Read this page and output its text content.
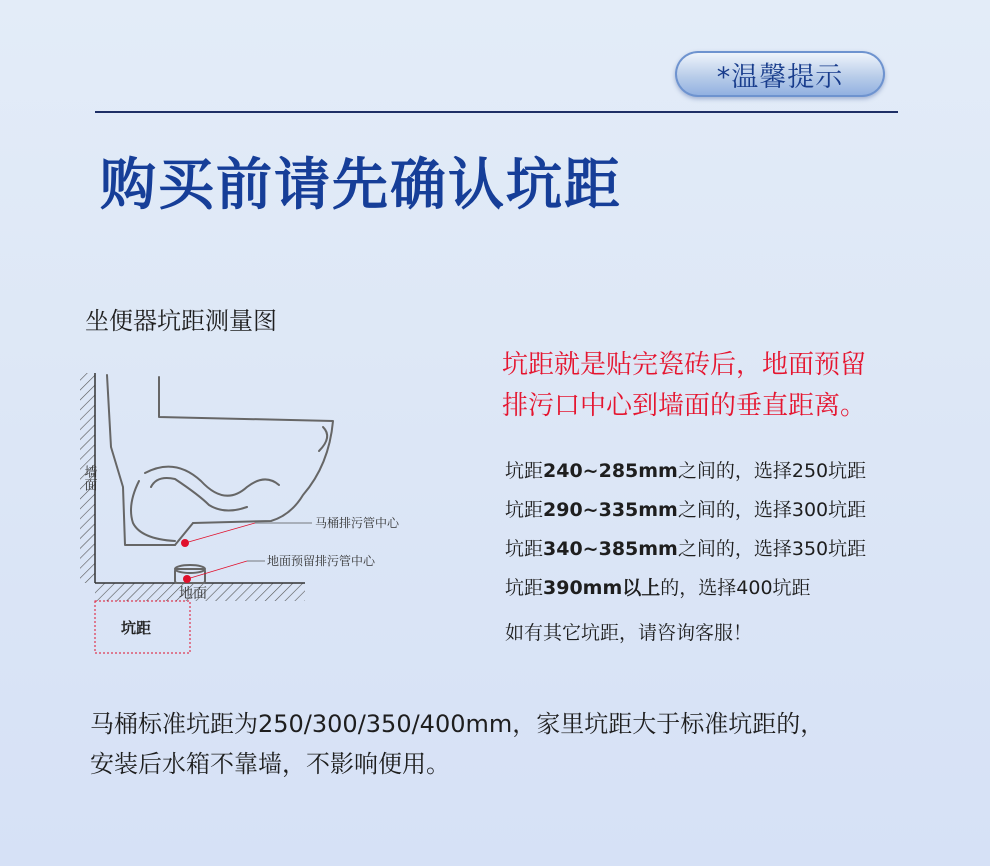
*温馨提示
购买前请先确认坑距
坐便器坑距测量图
墙面
马桶排污管中心
地面预留排污管中心
地面
坑距

坑距就是贴完瓷砖后，地面预留
排污口中心到墙面的垂直距离。

坑距240~285mm之间的，选择250坑距
坑距290~335mm之间的，选择300坑距
坑距340~385mm之间的，选择350坑距
坑距390mm以上的，选择400坑距
如有其它坑距，请咨询客服！

马桶标准坑距为250/300/350/400mm，家里坑距大于标准坑距的，
安装后水箱不靠墙，不影响便用。
